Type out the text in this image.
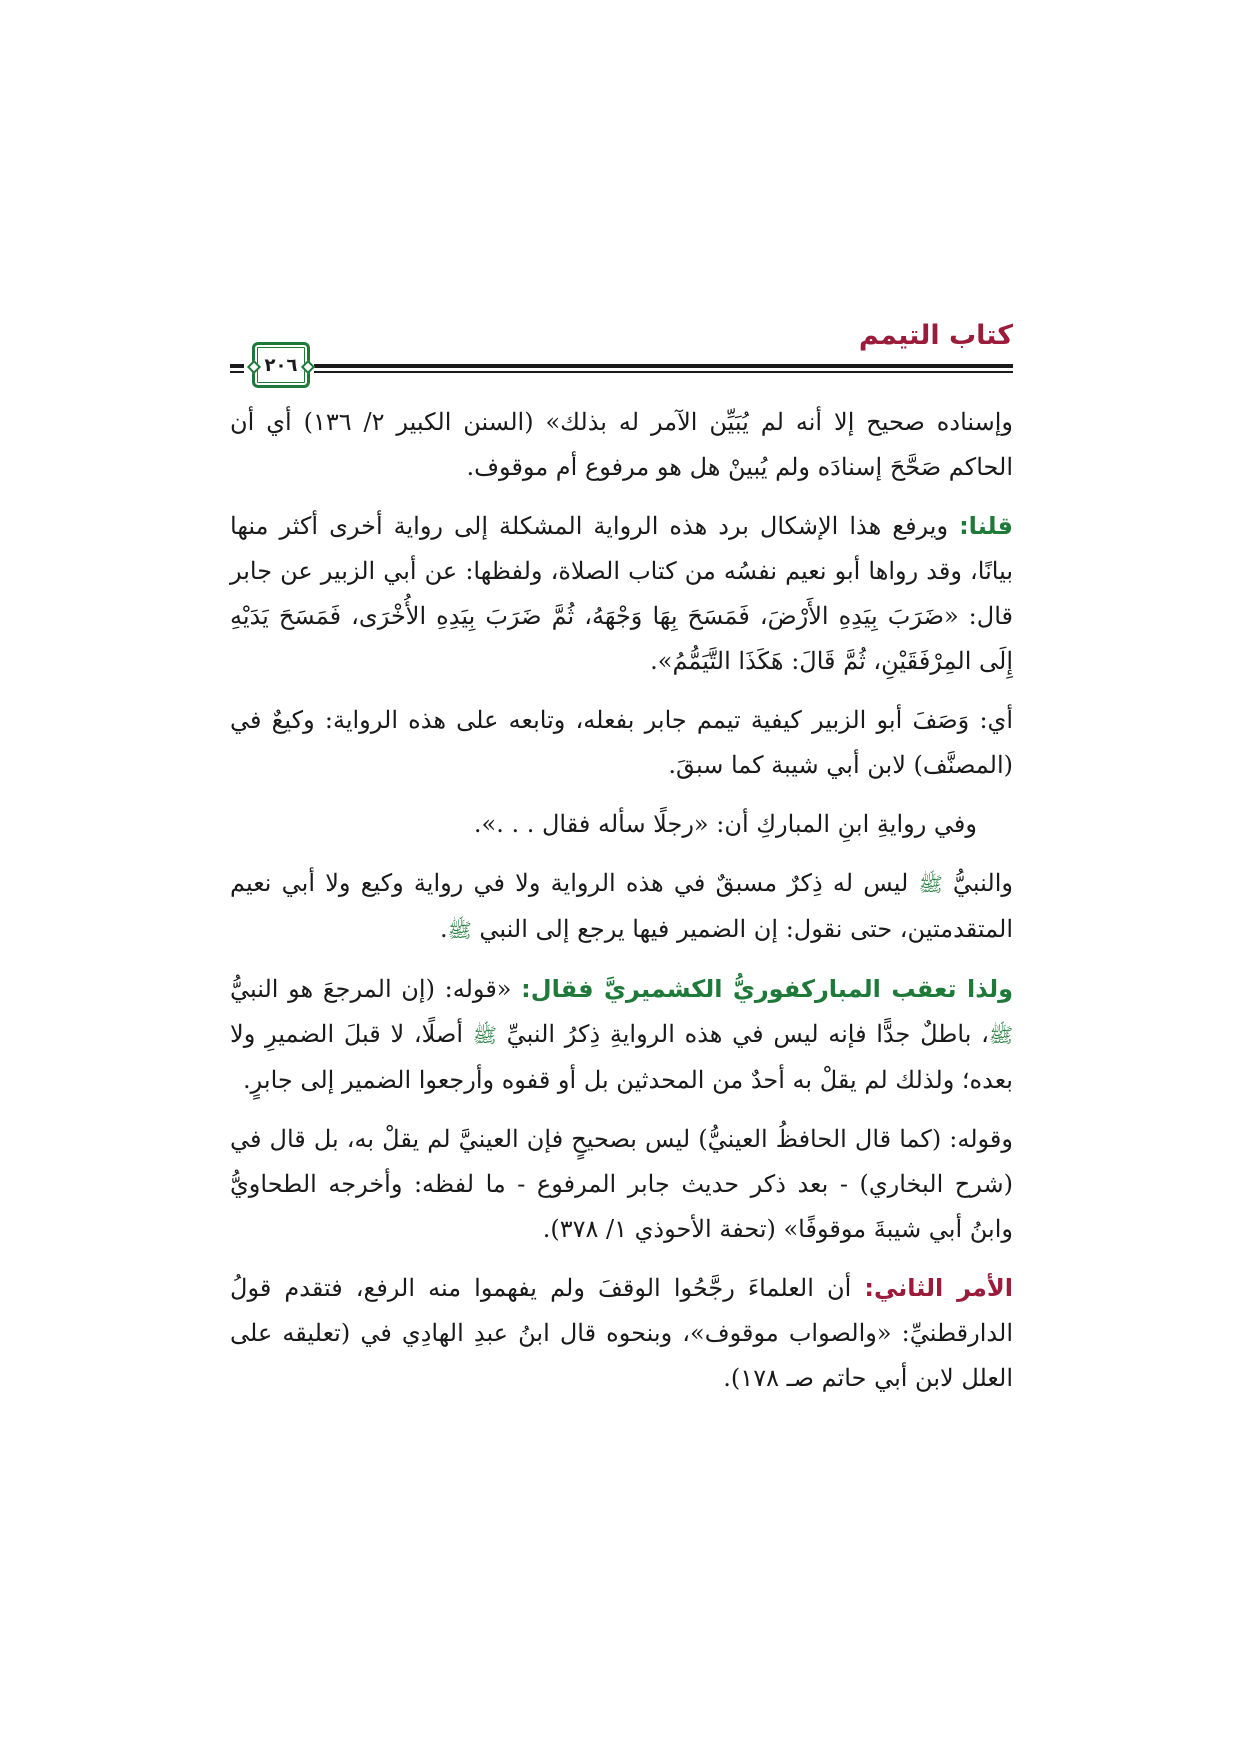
كتاب التيمم
٢٠٦

وإسناده صحيح إلا أنه لم يُبَيِّن الآمر له بذلك» (السنن الكبير ٢/ ١٣٦) أي أن الحاكم صَحَّحَ إسنادَه ولم يُبينْ هل هو مرفوع أم موقوف.

قلنا: ويرفع هذا الإشكال برد هذه الرواية المشكلة إلى رواية أخرى أكثر منها بيانًا، وقد رواها أبو نعيم نفسُه من كتاب الصلاة، ولفظها: عن أبي الزبير عن جابر قال: «ضَرَبَ بِيَدِهِ الأَرْضَ، فَمَسَحَ بِهَا وَجْهَهُ، ثُمَّ ضَرَبَ بِيَدِهِ الأُخْرَى، فَمَسَحَ يَدَيْهِ إِلَى المِرْفَقَيْنِ، ثُمَّ قَالَ: هَكَذَا التَّيَمُّمُ».

أي: وَصَفَ أبو الزبير كيفية تيمم جابر بفعله، وتابعه على هذه الرواية: وكيعٌ في (المصنَّف) لابن أبي شيبة كما سبقَ.

وفي روايةِ ابنِ المباركِ أن: «رجلًا سأله فقال . . .».

والنبيُّ ﷺ ليس له ذِكرٌ مسبقٌ في هذه الرواية ولا في رواية وكيع ولا أبي نعيم المتقدمتين، حتى نقول: إن الضمير فيها يرجع إلى النبي ﷺ.

ولذا تعقب المباركفوريُّ الكشميريَّ فقال: «قوله: (إن المرجعَ هو النبيُّ ﷺ، باطلٌ جدًّا فإنه ليس في هذه الروايةِ ذِكرُ النبيِّ ﷺ أصلًا، لا قبلَ الضميرِ ولا بعده؛ ولذلك لم يقلْ به أحدٌ من المحدثين بل أو قفوه وأرجعوا الضمير إلى جابرٍ.

وقوله: (كما قال الحافظُ العينيُّ) ليس بصحيحٍ فإن العينيَّ لم يقلْ به، بل قال في (شرح البخاري) - بعد ذكر حديث جابر المرفوع - ما لفظه: وأخرجه الطحاويُّ وابنُ أبي شيبةَ موقوفًا» (تحفة الأحوذي ١/ ٣٧٨).

الأمر الثاني: أن العلماءَ رجَّحُوا الوقفَ ولم يفهموا منه الرفع، فتقدم قولُ الدارقطنيِّ: «والصواب موقوف»، وبنحوه قال ابنُ عبدِ الهادِي في (تعليقه على العلل لابن أبي حاتم صـ ١٧٨).
